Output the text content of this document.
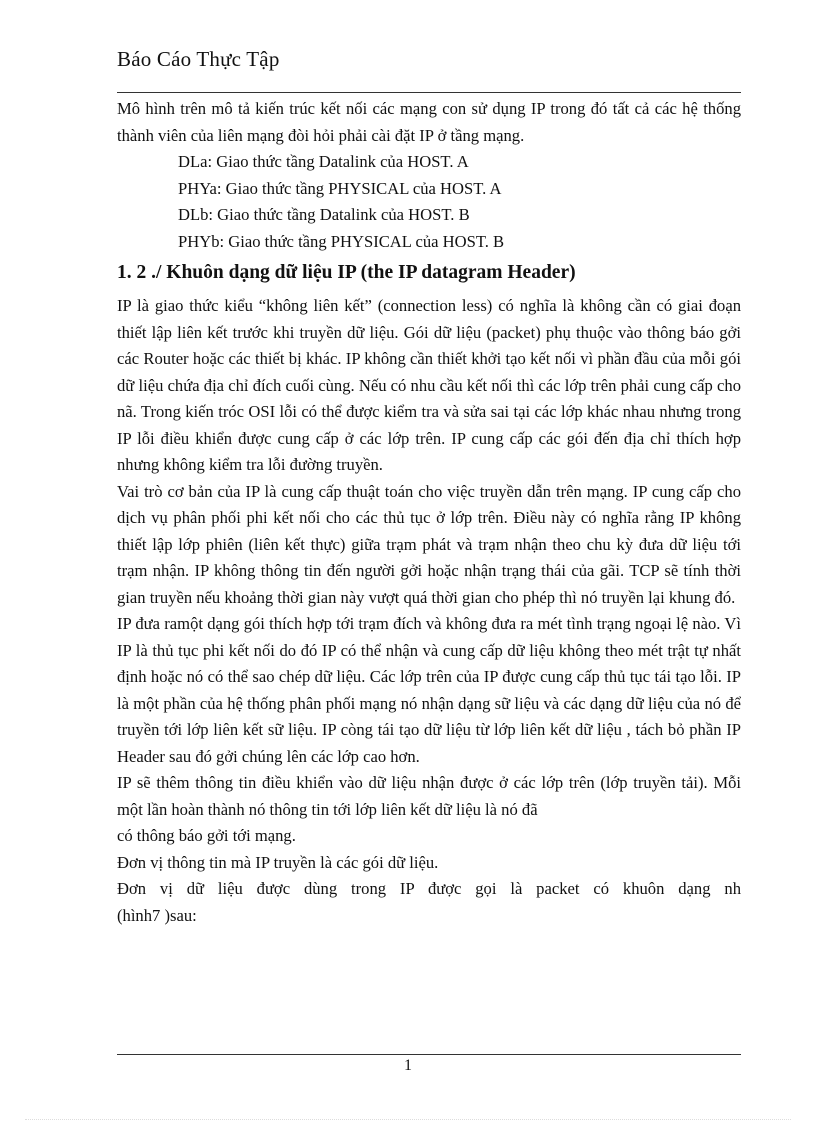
Báo Cáo Thực Tập

Mô hình trên mô tả kiến trúc kết nối các mạng con sử dụng IP trong đó tất cả các hệ thống thành viên của liên mạng đòi hỏi phải cài đặt IP ở tầng mạng.

DLa: Giao thức tầng Datalink của HOST. A
PHYa: Giao thức tầng PHYSICAL của HOST. A
DLb: Giao thức tầng Datalink của HOST. B
PHYb: Giao thức tầng PHYSICAL của HOST. B
1. 2 ./ Khuôn dạng dữ liệu IP (the IP datagram Header)

IP là giao thức kiểu “không liên kết” (connection less) có nghĩa là không cần có giai đoạn thiết lập liên kết trước khi truyền dữ liệu. Gói dữ liệu (packet) phụ thuộc vào thông báo gởi các Router hoặc các thiết bị khác. IP không cần thiết khởi tạo kết nối vì phần đầu của mỗi gói dữ liệu chứa địa chỉ đích cuối cùng. Nếu có nhu cầu kết nối thì các lớp trên phải cung cấp cho nã. Trong kiến tróc OSI lỗi có thể được kiểm tra và sửa sai tại các lớp khác nhau nhưng trong IP lỗi điều khiển được cung cấp ở các lớp trên. IP cung cấp các gói đến địa chỉ thích hợp nhưng không kiểm tra lỗi đường truyền.

Vai trò cơ bản của IP là cung cấp thuật toán cho việc truyền dẫn trên mạng. IP cung cấp cho dịch vụ phân phối phi kết nối cho các thủ tục ở lớp trên. Điều này có nghĩa rằng IP không thiết lập lớp phiên (liên kết thực) giữa trạm phát và trạm nhận theo chu kỳ đưa dữ liệu tới trạm nhận. IP không thông tin đến người gởi hoặc nhận trạng thái của gãi. TCP sẽ tính thời gian truyền nếu khoảng thời gian này vượt quá thời gian cho phép thì nó truyền lại khung đó.

IP đưa ramột dạng gói thích hợp tới trạm đích và không đưa ra mét tình trạng ngoại lệ nào. Vì IP là thủ tục phi kết nối do đó IP có thể nhận và cung cấp dữ liệu không theo mét trật tự nhất định hoặc nó có thể sao chép dữ liệu. Các lớp trên của IP được cung cấp thủ tục tái tạo lỗi. IP là một phần của hệ thống phân phối mạng nó nhận dạng sữ liệu và các dạng dữ liệu của nó để truyền tới lớp liên kết sữ liệu. IP còng tái tạo dữ liệu từ lớp liên kết dữ liệu , tách bỏ phần IP Header sau đó gởi chúng lên các lớp cao hơn.

IP sẽ thêm thông tin điều khiển vào dữ liệu nhận được ở các lớp trên (lớp truyền tải). Mỗi một lần hoàn thành nó thông tin tới lớp liên kết dữ liệu là nó đã

có thông báo gởi tới mạng.

Đơn vị thông tin mà IP truyền là các gói dữ liệu.

Đơn vị dữ liệu được dùng trong IP được gọi là packet có khuôn dạng nh

(hình7 )sau:

1
